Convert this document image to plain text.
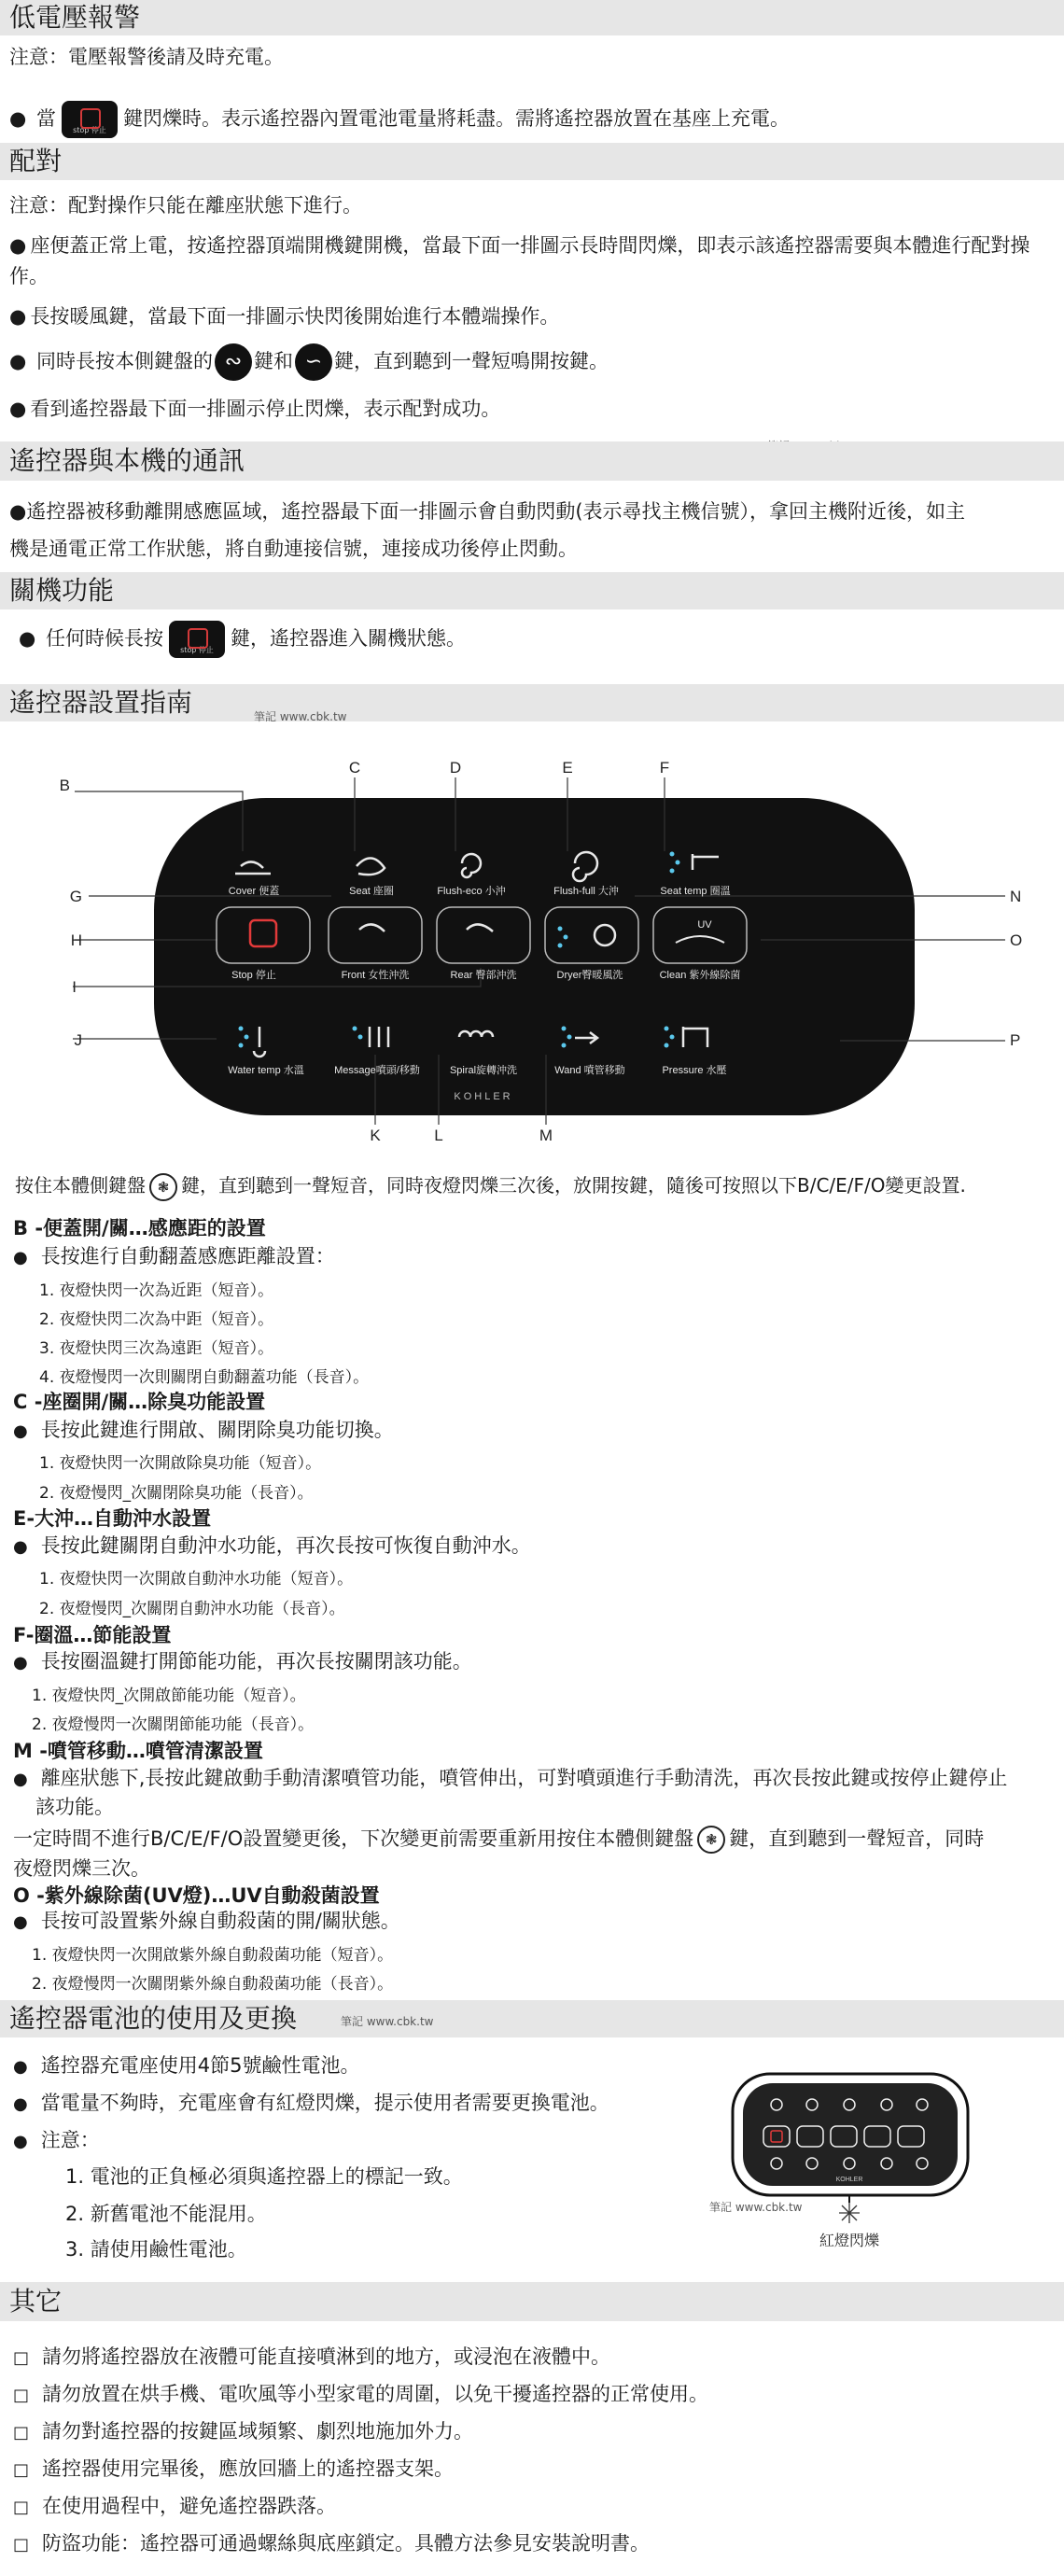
低電壓報警
注意：電壓報警後請及時充電。
● 當
stop 停止
鍵閃爍時。表示遙控器內置電池電量將耗盡。需將遙控器放置在基座上充電。
配對
注意：配對操作只能在離座狀態下進行。
● 座便蓋正常上電，按遙控器頂端開機鍵開機，當最下面一排圖示長時間閃爍，即表示該遙控器需要與本體進行配對操作。
● 長按暖風鍵，當最下面一排圖示快閃後開始進行本體端操作。
● 同時長按本側鍵盤的 ∾ 鍵和 ∽ 鍵，直到聽到一聲短鳴開按鍵。
● 看到遙控器最下面一排圖示停止閃爍，表示配對成功。
遙控器與本機的通訊
●遙控器被移動離開感應區域，遙控器最下面一排圖示會自動閃動(表示尋找主機信號），拿回主機附近後，如主
機是通電正常工作狀態，將自動連接信號，連接成功後停止閃動。
關機功能
● 任何時候長按
stop 停止
鍵，遙控器進入關機狀態。
遙控器設置指南	筆記 www.cbk.tw
B
C	D	E	F
G
H
I
J
K	L	M
N
O
P
Cover 便蓋	Seat 座圈	Flush-eco 小沖	Flush-full 大沖	Seat temp 圈溫
UV
Stop 停止	Front 女性沖洗	Rear 臀部沖洗	Dryer臀暖風洗	Clean 紫外線除菌
Water temp 水溫	Message噴頭/移動	Spiral旋轉沖洗	Wand 噴管移動	Pressure 水壓
KOHLER
按住本體側鍵盤 ❃ 鍵，直到聽到一聲短音，同時夜燈閃爍三次後，放開按鍵，隨後可按照以下B/C/E/F/O變更設置.
B -便蓋開/關…感應距的設置
● 長按進行自動翻蓋感應距離設置：
1. 夜燈快閃一次為近距（短音）。
2. 夜燈快閃二次為中距（短音）。
3. 夜燈快閃三次為遠距（短音）。
4. 夜燈慢閃一次則關閉自動翻蓋功能（長音）。
C -座圈開/關…除臭功能設置
● 長按此鍵進行開啟、關閉除臭功能切換。
1. 夜燈快閃一次開啟除臭功能（短音）。
2. 夜燈慢閃_次關閉除臭功能（長音）。
E-大沖…自動沖水設置
● 長按此鍵關閉自動沖水功能，再次長按可恢復自動沖水。
1. 夜燈快閃一次開啟自動沖水功能（短音）。
2. 夜燈慢閃_次關閉自動沖水功能（長音）。
F-圈溫…節能設置
● 長按圈溫鍵打開節能功能，再次長按關閉該功能。
1. 夜燈快閃_次開啟節能功能（短音）。
2. 夜燈慢閃一次關閉節能功能（長音）。
M -噴管移動…噴管清潔設置
● 離座狀態下,長按此鍵啟動手動清潔噴管功能，噴管伸出，可對噴頭進行手動清洗，再次長按此鍵或按停止鍵停止
該功能。
一定時間不進行B/C/E/F/O設置變更後，下次變更前需要重新用按住本體側鍵盤 ❃ 鍵，直到聽到一聲短音，同時
夜燈閃爍三次。
O -紫外線除菌(UV燈)…UV自動殺菌設置
● 長按可設置紫外線自動殺菌的開/關狀態。
1. 夜燈快閃一次開啟紫外線自動殺菌功能（短音）。
2. 夜燈慢閃一次關閉紫外線自動殺菌功能（長音）。
遙控器電池的使用及更換	筆記 www.cbk.tw
● 遙控器充電座使用4節5號鹼性電池。
● 當電量不夠時，充電座會有紅燈閃爍，提示使用者需要更換電池。
● 注意：
1. 電池的正負極必須與遙控器上的標記一致。
2. 新舊電池不能混用。
3. 請使用鹼性電池。
KOHLER
紅燈閃爍
筆記 www.cbk.tw
其它
□ 請勿將遙控器放在液體可能直接噴淋到的地方，或浸泡在液體中。
□ 請勿放置在烘手機、電吹風等小型家電的周圍，以免干擾遙控器的正常使用。
□ 請勿對遙控器的按鍵區域頻繁、劇烈地施加外力。
□ 遙控器使用完畢後，應放回牆上的遙控器支架。
□ 在使用過程中，避免遙控器跌落。
□ 防盜功能：遙控器可通過螺絲與底座鎖定。具體方法參見安裝說明書。
